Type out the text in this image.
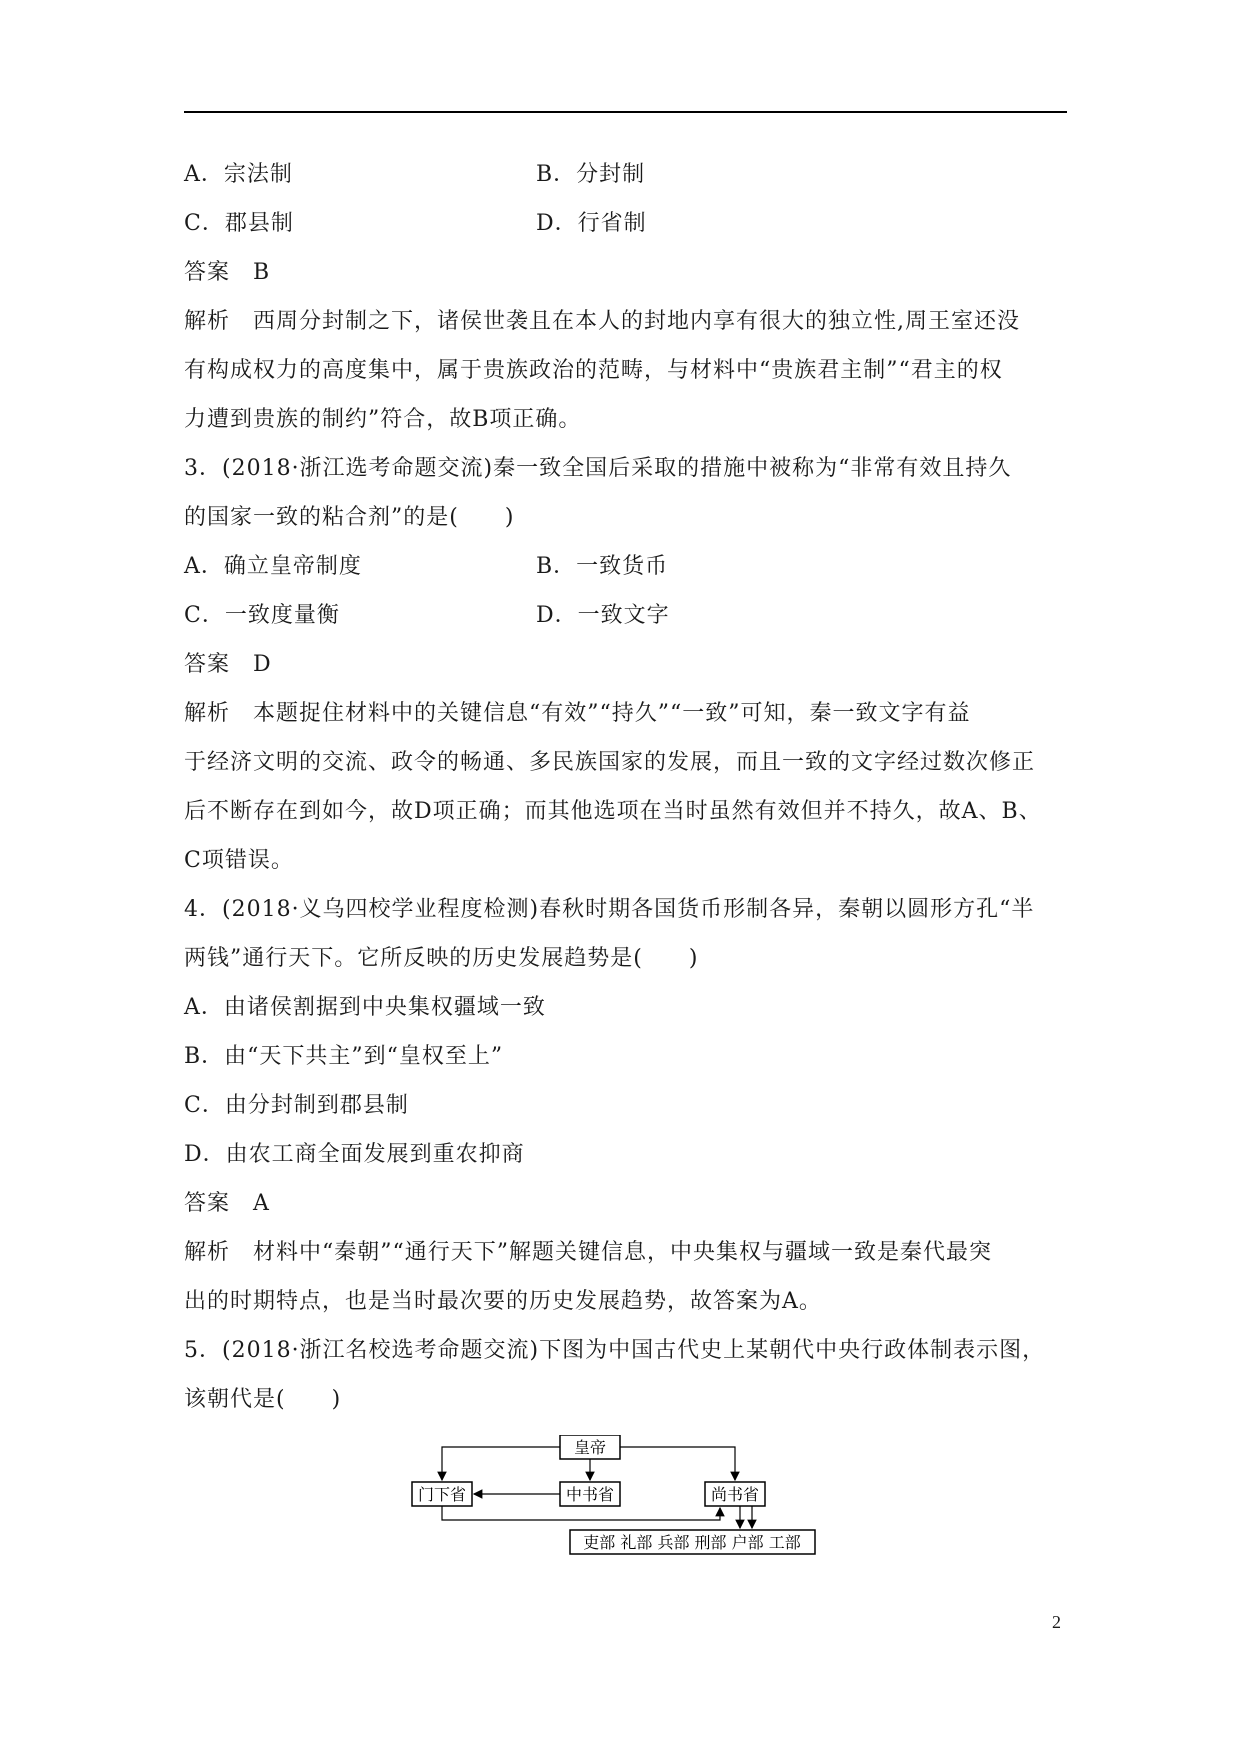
A．宗法制	B．分封制
C．郡县制	D．行省制
答案　B
解析　西周分封制之下，诸侯世袭且在本人的封地内享有很大的独立性,周王室还没
有构成权力的高度集中，属于贵族政治的范畴，与材料中“贵族君主制”“君主的权
力遭到贵族的制约”符合，故B项正确。
3．(2018·浙江选考命题交流)秦一致全国后采取的措施中被称为“非常有效且持久
的国家一致的粘合剂”的是(　　)
A．确立皇帝制度	B．一致货币
C．一致度量衡	D．一致文字
答案　D
解析　本题捉住材料中的关键信息“有效”“持久”“一致”可知，秦一致文字有益
于经济文明的交流、政令的畅通、多民族国家的发展，而且一致的文字经过数次修正
后不断存在到如今，故D项正确；而其他选项在当时虽然有效但并不持久，故A、B、
C项错误。
4．(2018·义乌四校学业程度检测)春秋时期各国货币形制各异，秦朝以圆形方孔“半
两钱”通行天下。它所反映的历史发展趋势是(　　)
A．由诸侯割据到中央集权疆域一致
B．由“天下共主”到“皇权至上”
C．由分封制到郡县制
D．由农工商全面发展到重农抑商
答案　A
解析　材料中“秦朝”“通行天下”解题关键信息，中央集权与疆域一致是秦代最突
出的时期特点，也是当时最次要的历史发展趋势，故答案为A。
5．(2018·浙江名校选考命题交流)下图为中国古代史上某朝代中央行政体制表示图，
该朝代是(　　)
皇帝
门下省	中书省	尚书省
吏部 礼部 兵部 刑部 户部 工部
2
